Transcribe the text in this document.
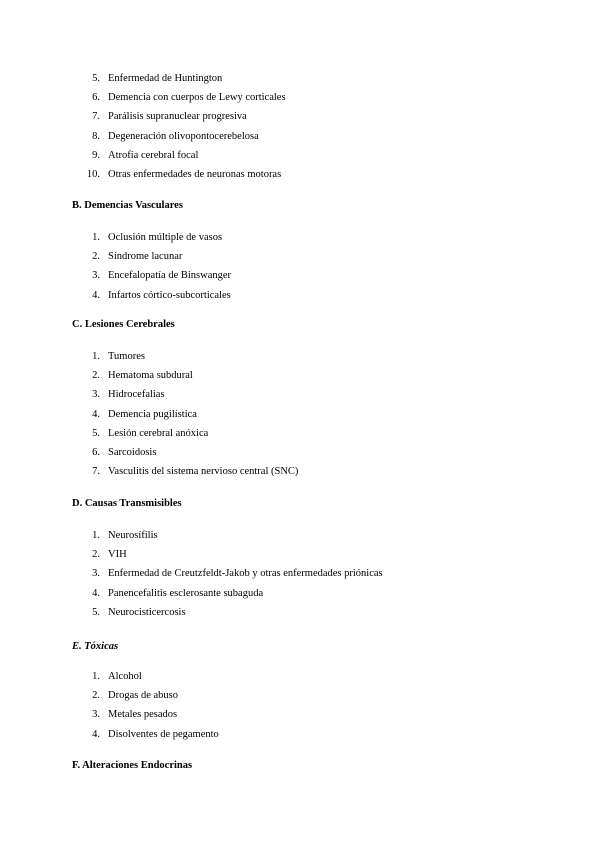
5. Enfermedad de Huntington
6. Demencia con cuerpos de Lewy corticales
7. Parálisis supranuclear progresiva
8. Degeneración olivopontocerebelosa
9. Atrofia cerebral focal
10. Otras enfermedades de neuronas motoras
B. Demencias Vasculares
1. Oclusión múltiple de vasos
2. Síndrome lacunar
3. Encefalopatía de Binswanger
4. Infartos córtico-subcorticales
C. Lesiones Cerebrales
1. Tumores
2. Hematoma subdural
3. Hidrocefalias
4. Demencia pugilística
5. Lesión cerebral anóxica
6. Sarcoidosis
7. Vasculitis del sistema nervioso central (SNC)
D. Causas Transmisibles
1. Neurosífilis
2. VIH
3. Enfermedad de Creutzfeldt-Jakob y otras enfermedades priónicas
4. Panencefalitis esclerosante subaguda
5. Neurocisticercosis
E. Tóxicas
1. Alcohol
2. Drogas de abuso
3. Metales pesados
4. Disolventes de pegamento
F. Alteraciones Endocrinas
